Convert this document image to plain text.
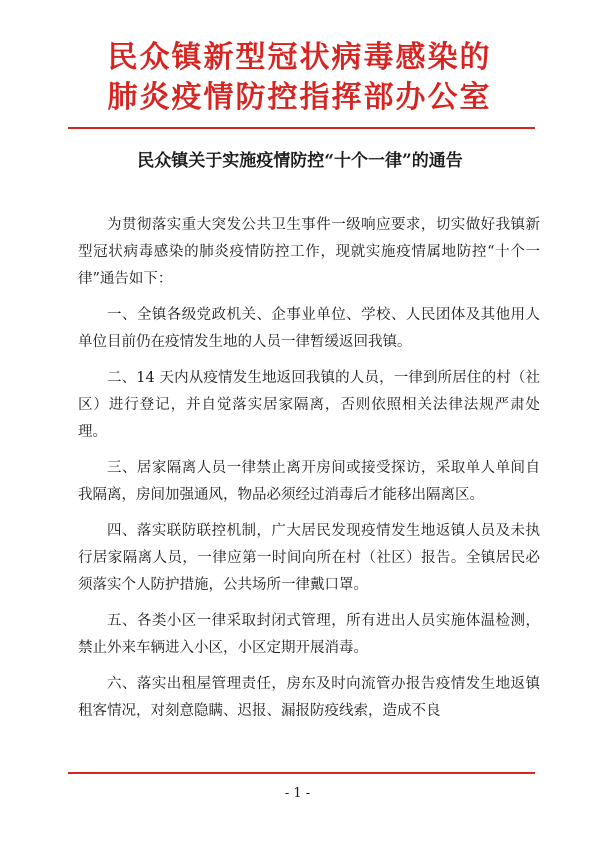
民众镇新型冠状病毒感染的
肺炎疫情防控指挥部办公室
民众镇关于实施疫情防控“十个一律”的通告

为贯彻落实重大突发公共卫生事件一级响应要求，切实做好我镇新型冠状病毒感染的肺炎疫情防控工作，现就实施疫情属地防控“十个一律”通告如下：

一、全镇各级党政机关、企事业单位、学校、人民团体及其他用人单位目前仍在疫情发生地的人员一律暂缓返回我镇。

二、14 天内从疫情发生地返回我镇的人员，一律到所居住的村（社区）进行登记，并自觉落实居家隔离，否则依照相关法律法规严肃处理。

三、居家隔离人员一律禁止离开房间或接受探访，采取单人单间自我隔离，房间加强通风，物品必须经过消毒后才能移出隔离区。

四、落实联防联控机制，广大居民发现疫情发生地返镇人员及未执行居家隔离人员，一律应第一时间向所在村（社区）报告。全镇居民必须落实个人防护措施，公共场所一律戴口罩。

五、各类小区一律采取封闭式管理，所有进出人员实施体温检测，禁止外来车辆进入小区，小区定期开展消毒。

六、落实出租屋管理责任，房东及时向流管办报告疫情发生地返镇租客情况，对刻意隐瞒、迟报、漏报防疫线索，造成不良

- 1 -
